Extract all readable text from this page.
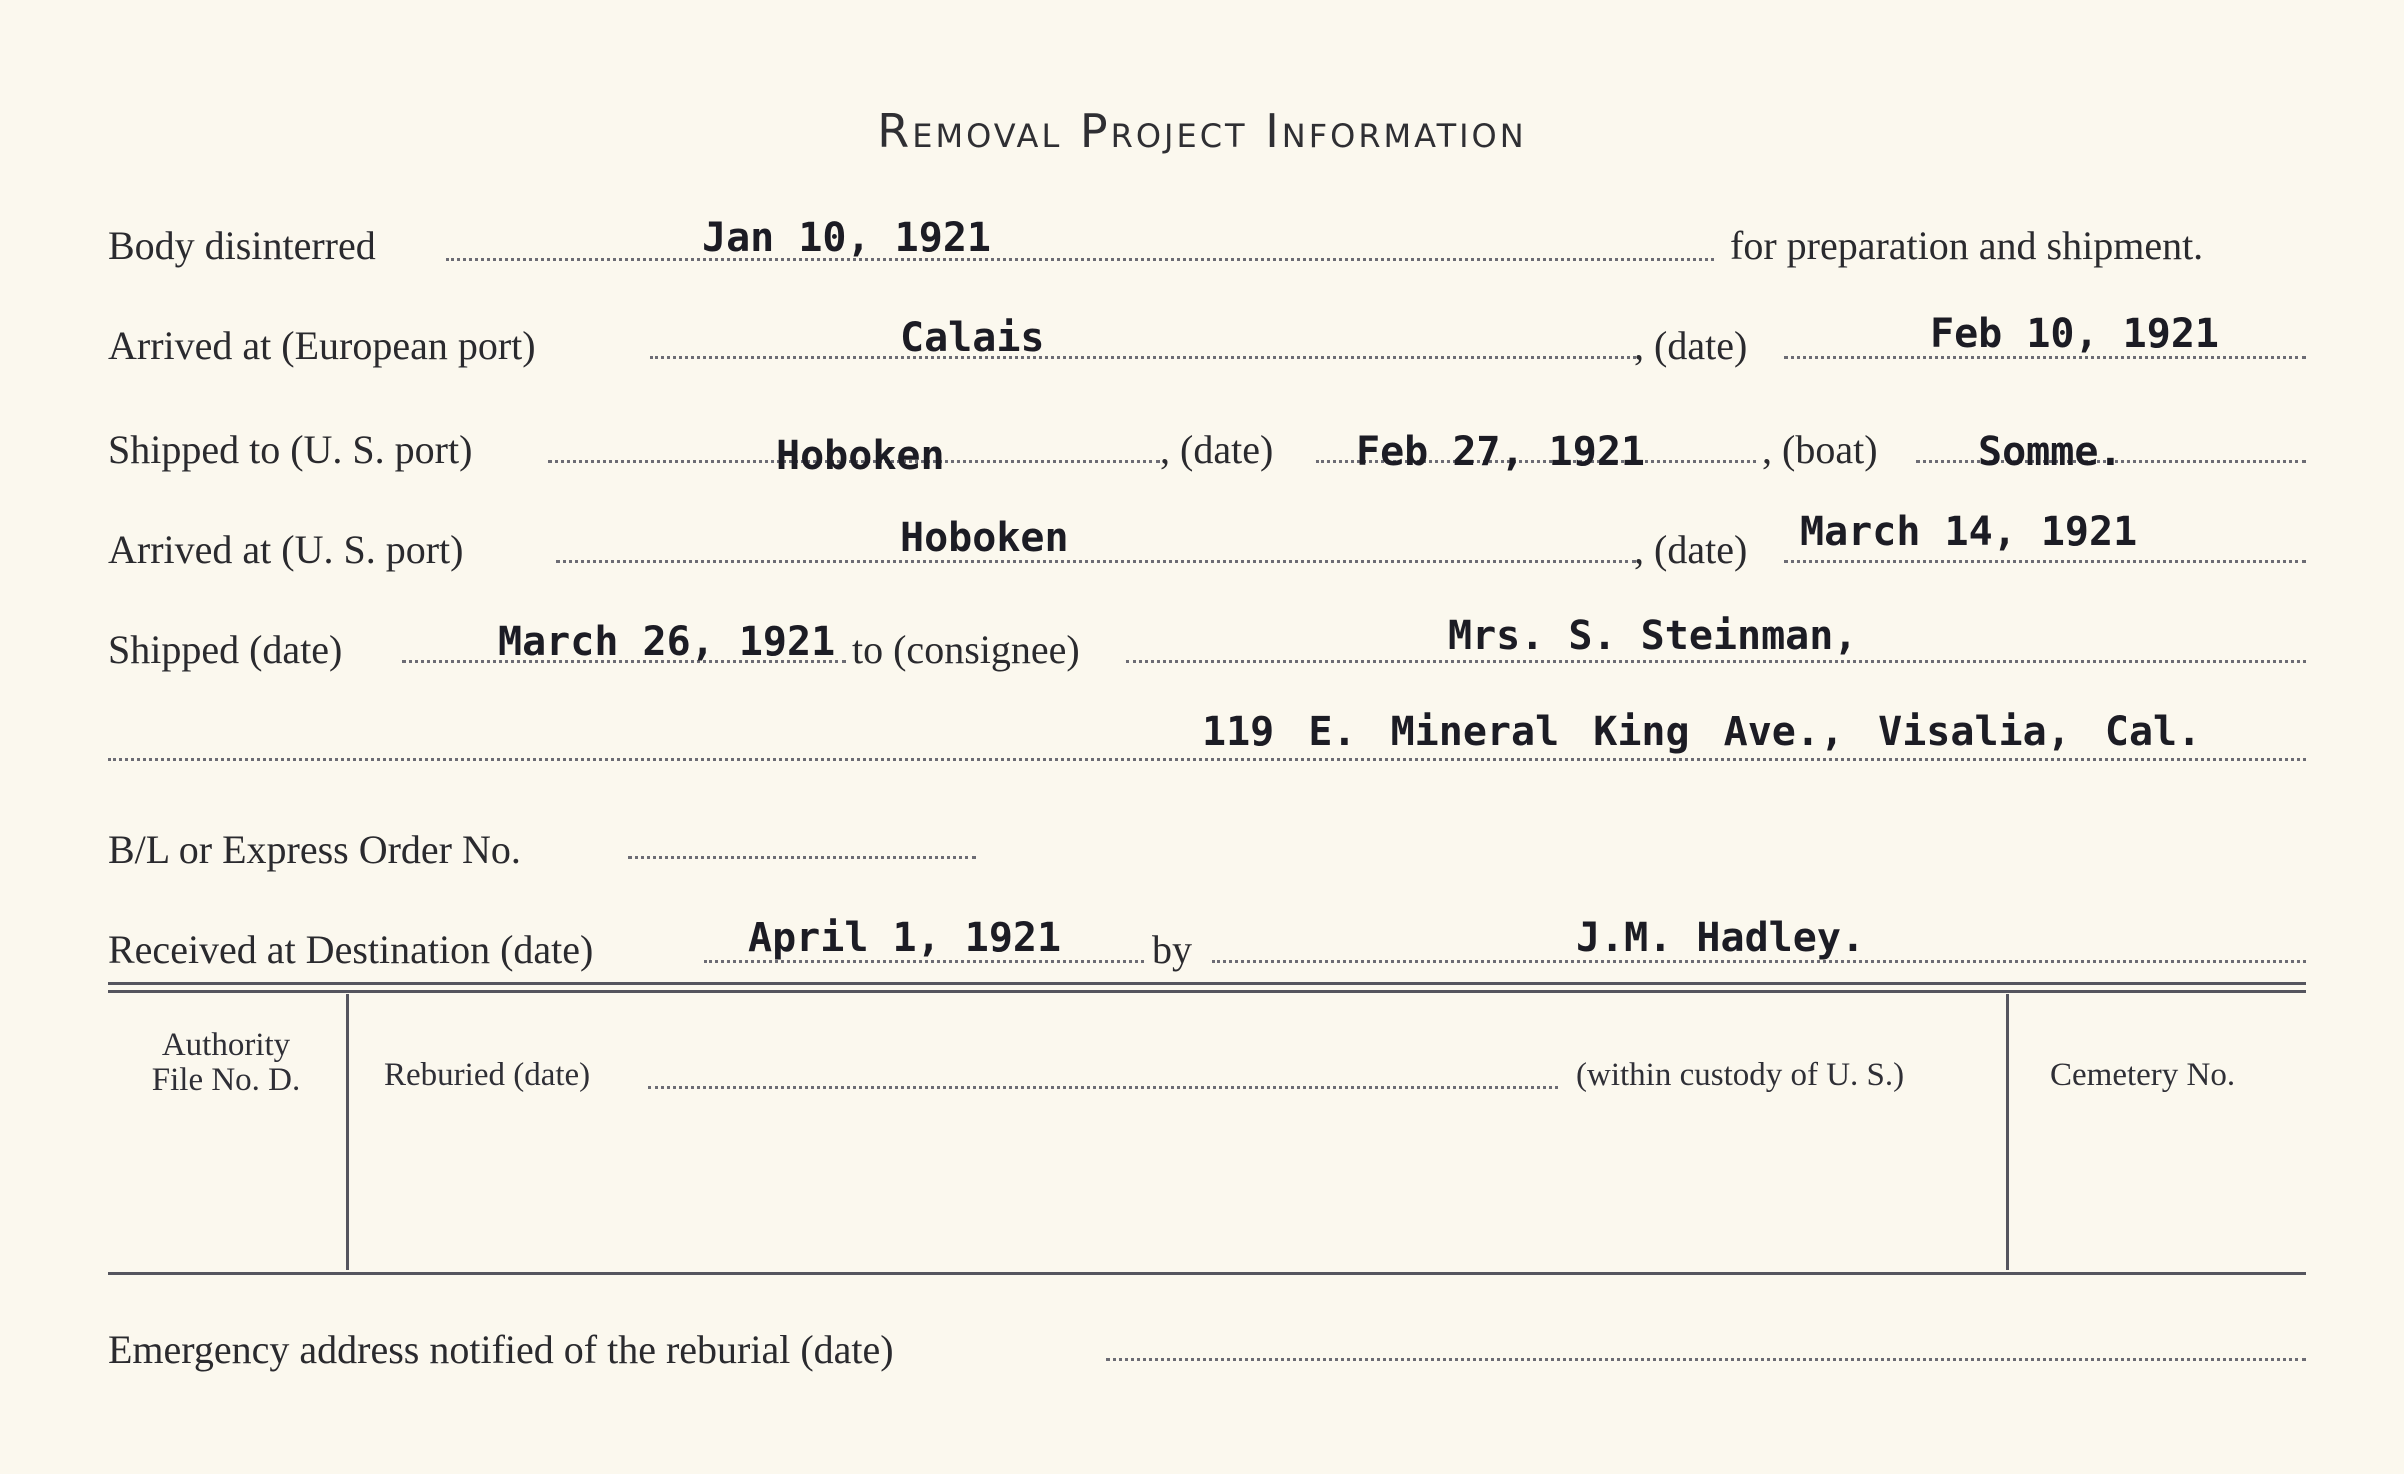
Removal Project Information
Body disinterred	Jan 10, 1921	for preparation and shipment.
Arrived at (European port)	Calais	, (date)	Feb 10, 1921
Shipped to (U. S. port)	Hoboken	, (date) Feb 27, 1921	, (boat)	Somme.
Arrived at (U. S. port)	Hoboken	, (date) March 14, 1921
Shipped (date)	March 26, 1921 to (consignee)	Mrs. S. Steinman,
119 E. Mineral King Ave., Visalia, Cal.
B/L or Express Order No.
Received at Destination (date)	April 1, 1921 by	J.M. Hadley.
Authority
File No. D.	Reburied (date)	(within custody of U. S.)	Cemetery No.
Emergency address notified of the reburial (date)
